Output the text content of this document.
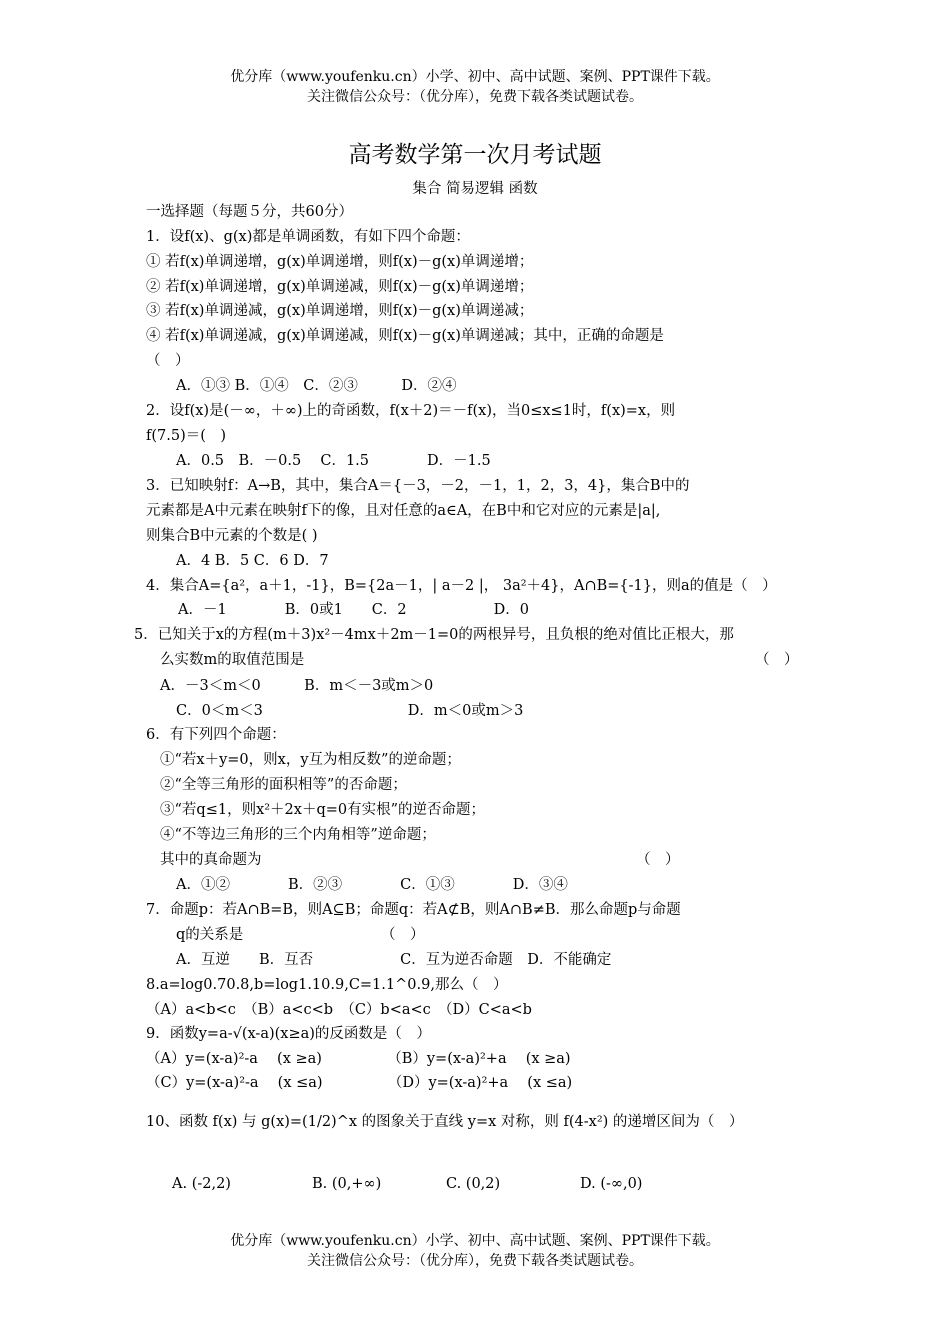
优分库（www.youfenku.cn）小学、初中、高中试题、案例、PPT课件下载。
关注微信公众号：（优分库），免费下载各类试题试卷。
高考数学第一次月考试题
集合 简易逻辑 函数
一选择题（每题５分，共60分）
1．设f(x)、g(x)都是单调函数，有如下四个命题：
① 若f(x)单调递增，g(x)单调递增，则f(x)－g(x)单调递增；
② 若f(x)单调递增，g(x)单调递减，则f(x)－g(x)单调递增；
③ 若f(x)单调递减，g(x)单调递增，则f(x)－g(x)单调递减；
④ 若f(x)单调递减，g(x)单调递减，则f(x)－g(x)单调递减；其中，正确的命题是
（　）
A．①③ B．①④　C．②③　　　D．②④
2．设f(x)是(－∞，＋∞)上的奇函数，f(x＋2)＝－f(x)，当0≤x≤1时，f(x)=x，则
f(7.5)＝(　)
A．0.5　B．－0.5　 C．1.5　　　　D．－1.5
3．已知映射f：A→B，其中，集合A＝{－3，－2，－1，1，2，3，4}，集合B中的
元素都是A中元素在映射f下的像，且对任意的a∈A，在B中和它对应的元素是|a|,
则集合B中元素的个数是( )
A．4 B．5 C．6 D．7
4．集合A={a²，a＋1，-1}，B={2a－1，| a－2 |， 3a²＋4}，A∩B={-1}，则a的值是（　）
A．－1　　　　B．0或1　　C．2　　　　　　D．0
5．已知关于x的方程(m＋3)x²－4mx＋2m－1=0的两根异号，且负根的绝对值比正根大，那
么实数m的取值范围是	（　）
A．－3＜m＜0　　　B．m＜－3或m＞0
C．0＜m＜3　　　　　　　　　　D．m＜0或m＞3
6．有下列四个命题：
①“若x＋y=0，则x，y互为相反数”的逆命题；
②“全等三角形的面积相等”的否命题；
③“若q≤1，则x²＋2x＋q=0有实根”的逆否命题；
④“不等边三角形的三个内角相等”逆命题；
其中的真命题为	（　）
A．①②　　　　B．②③　　　　C．①③　　　　D．③④
7．命题p：若A∩B=B，则A⊆B；命题q：若A⊄B，则A∩B≠B．那么命题p与命题
q的关系是　　　　　　　　　　（　）
A．互逆　　B．互否　　　　　　C．互为逆否命题　D．不能确定
8.a=log0.70.8,b=log1.10.9,C=1.1^0.9,那么（　）
（A）a<b<c　（B）a<c<b　（C）b<a<c　（D）C<a<b
9．函数y=a-√(x-a)(x≥a)的反函数是（　）
（A）y=(x-a)²-a　 (x ≥a)　　　　　（B）y=(x-a)²+a　 (x ≥a)
（C）y=(x-a)²-a　 (x ≤a)　　　　　（D）y=(x-a)²+a　 (x ≤a)
10、函数 f(x) 与 g(x)=(1/2)^x 的图象关于直线 y=x 对称，则 f(4-x²) 的递增区间为（　）
A. (-2,2)	B. (0,+∞)	C. (0,2)	D. (-∞,0)
优分库（www.youfenku.cn）小学、初中、高中试题、案例、PPT课件下载。
关注微信公众号：（优分库），免费下载各类试题试卷。
